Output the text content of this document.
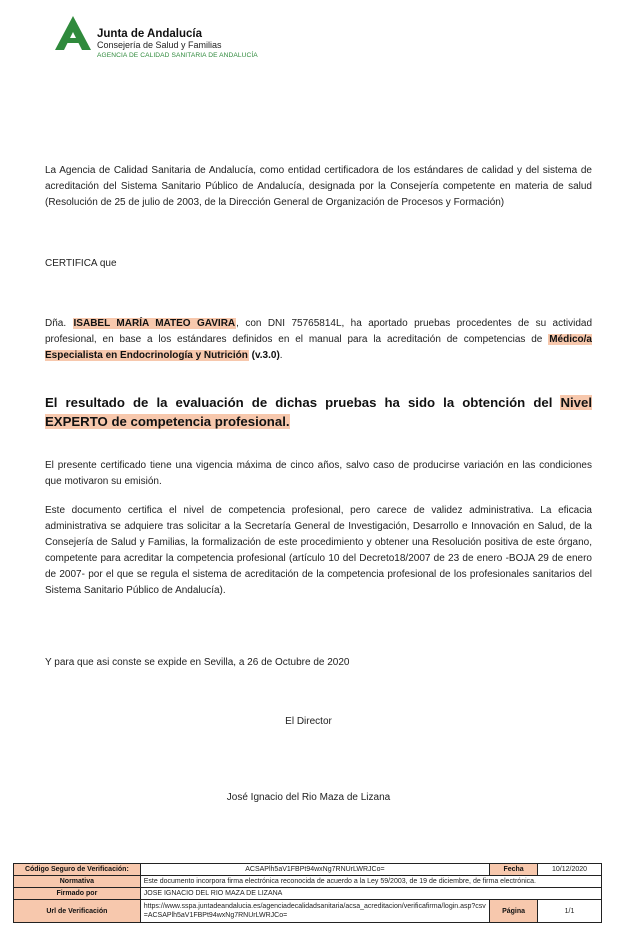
Junta de Andalucía
Consejería de Salud y Familias
AGENCIA DE CALIDAD SANITARIA DE ANDALUCÍA
La Agencia de Calidad Sanitaria de Andalucía, como entidad certificadora de los estándares de calidad y del sistema de acreditación del Sistema Sanitario Público de Andalucía, designada por la Consejería competente en materia de salud (Resolución de 25 de julio de 2003, de la Dirección General de Organización de Procesos y Formación)
CERTIFICA que
Dña. ISABEL MARÍA MATEO GAVIRA, con DNI 75765814L, ha aportado pruebas procedentes de su actividad profesional, en base a los estándares definidos en el manual para la acreditación de competencias de Médico/a Especialista en Endocrinología y Nutrición (v.3.0).
El resultado de la evaluación de dichas pruebas ha sido la obtención del Nivel EXPERTO de competencia profesional.
El presente certificado tiene una vigencia máxima de cinco años, salvo caso de producirse variación en las condiciones que motivaron su emisión.
Este documento certifica el nivel de competencia profesional, pero carece de validez administrativa. La eficacia administrativa se adquiere tras solicitar a la Secretaría General de Investigación, Desarrollo e Innovación en Salud, de la Consejería de Salud y Familias, la formalización de este procedimiento y obtener una Resolución positiva de este órgano, competente para acreditar la competencia profesional (artículo 10 del Decreto18/2007 de 23 de enero -BOJA 29 de enero de 2007- por el que se regula el sistema de acreditación de la competencia profesional de los profesionales sanitarios del Sistema Sanitario Público de Andalucía).
Y para que asi conste se expide en Sevilla, a 26 de Octubre de 2020
El Director
José Ignacio del Rio Maza de Lizana
Código Seguro de Verificación:	ACSAPlh5aV1FBPt94wxNg7RNUrLWRJCo=	Fecha	10/12/2020
Normativa	Este documento incorpora firma electrónica reconocida de acuerdo a la Ley 59/2003, de 19 de diciembre, de firma electrónica.		
Firmado por	JOSE IGNACIO DEL RIO MAZA DE LIZANA		
Url de Verificación	https://www.sspa.juntadeandalucia.es/agenciadecalidadsanitaria/acsa_acreditacion/verificafirma/login.asp?csv=ACSAPlh5aV1FBPt94wxNg7RNUrLWRJCo=	Página	1/1
